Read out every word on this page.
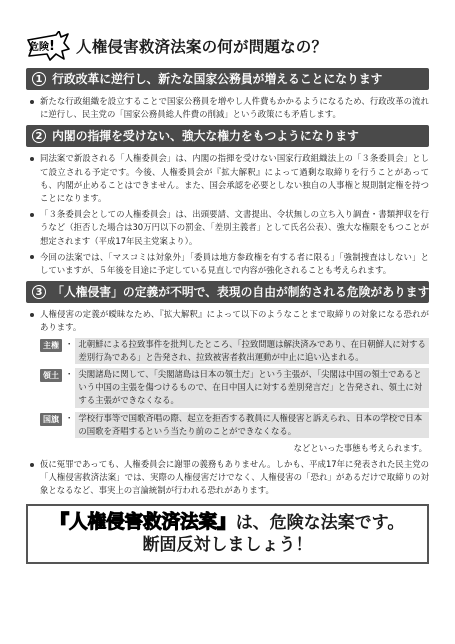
危険! 人権侵害救済法案の何が問題なの？
1 行政改革に逆行し、新たな国家公務員が増えることになります
新たな行政組織を設立することで国家公務員を増やし人件費もかかるようになるため、行政改革の流れに逆行し、民主党の「国家公務員総人件費の削減」という政策にも矛盾します。
2 内閣の指揮を受けない、強大な権力をもつようになります
同法案で新設される「人権委員会」は、内閣の指揮を受けない国家行政組織法上の「３条委員会」として設立される予定です。今後、人権委員会が『拡大解釈』によって過剰な取締りを行うことがあっても、内閣が止めることはできません。また、国会承認を必要としない独自の人事権と規則制定権を持つことになります。
「３条委員会としての人権委員会」は、出頭要請、文書提出、令状無しの立ち入り調査・書類押収を行うなど（拒否した場合は30万円以下の罰金、「差別主義者」として氏名公表）、強大な権限をもつことが想定されます（平成17年民主党案より）。
今回の法案では、「マスコミは対象外」「委員は地方参政権を有する者に限る」「強制捜査はしない」としていますが、５年後を目途に予定している見直しで内容が強化されることも考えられます。
3 「人権侵害」の定義が不明で、表現の自由が制約される危険があります
人権侵害の定義が曖昧なため、『拡大解釈』によって以下のようなことまで取締りの対象になる恐れがあります。
主権 ・ 北朝鮮による拉致事件を批判したところ、「拉致問題は解決済みであり、在日朝鮮人に対する差別行為である」と告発され、拉致被害者救出運動が中止に追い込まれる。
領土 ・ 尖閣諸島に関して、「尖閣諸島は日本の領土だ」という主張が、「尖閣は中国の領土であるという中国の主張を傷つけるもので、在日中国人に対する差別発言だ」と告発され、領土に対する主張ができなくなる。
国旗 ・ 学校行事等で国歌斉唱の際、起立を拒否する教員に人権侵害と訴えられ、日本の学校で日本の国歌を斉唱するという当たり前のことができなくなる。
などといった事態も考えられます。
仮に冤罪であっても、人権委員会に謝罪の義務もありません。しかも、平成17年に発表された民主党の「人権侵害救済法案」では、実際の人権侵害だけでなく、人権侵害の「恐れ」があるだけで取締りの対象となるなど、事実上の言論統制が行われる恐れがあります。
『人権侵害救済法案』は、危険な法案です。
断固反対しましょう！
